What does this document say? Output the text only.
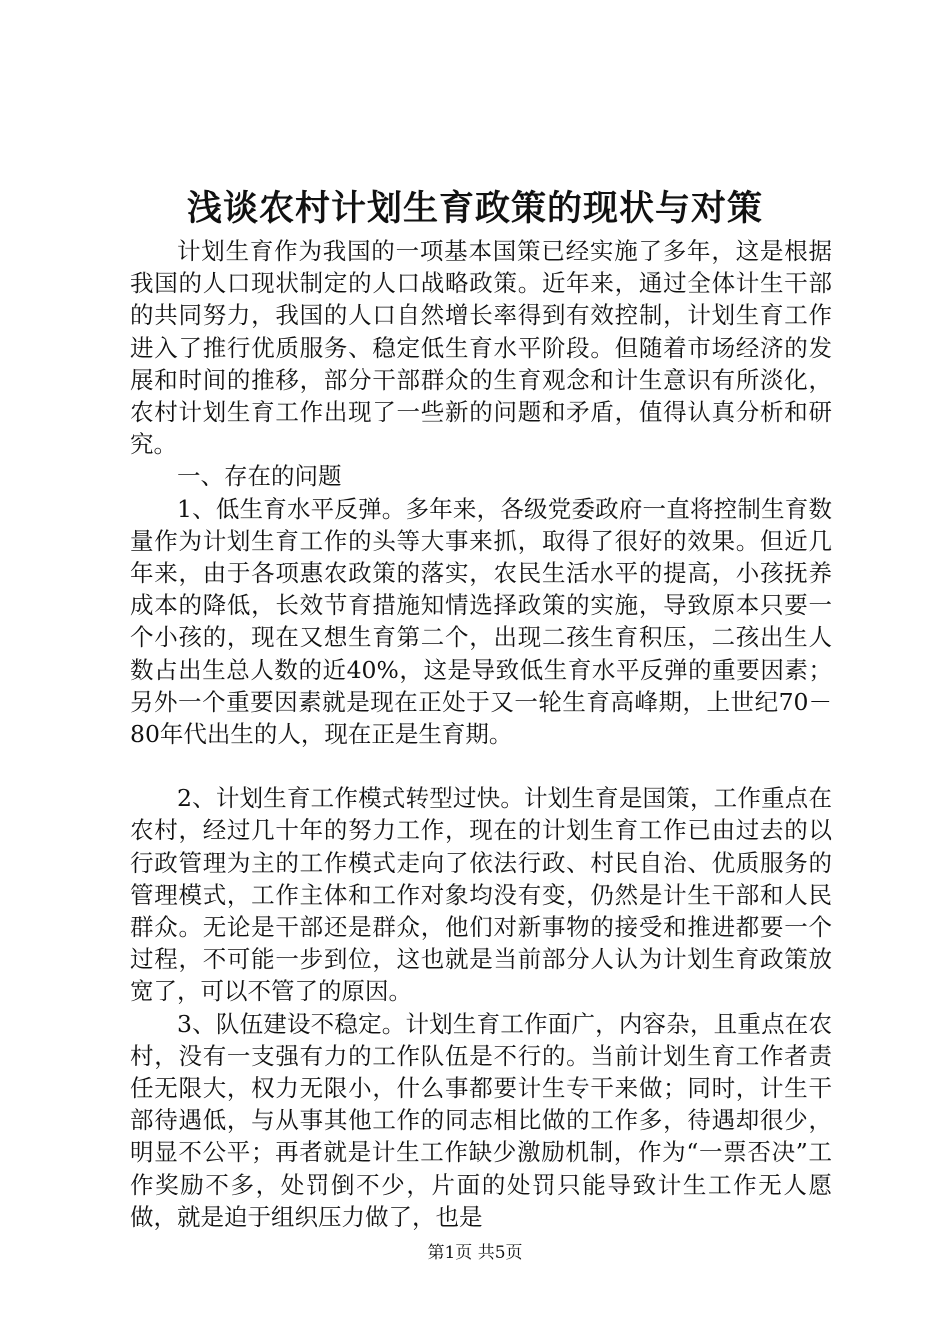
浅谈农村计划生育政策的现状与对策

计划生育作为我国的一项基本国策已经实施了多年，这是根据我国的人口现状制定的人口战略政策。近年来，通过全体计生干部的共同努力，我国的人口自然增长率得到有效控制，计划生育工作进入了推行优质服务、稳定低生育水平阶段。但随着市场经济的发展和时间的推移，部分干部群众的生育观念和计生意识有所淡化，农村计划生育工作出现了一些新的问题和矛盾，值得认真分析和研究。

一、存在的问题

1、低生育水平反弹。多年来，各级党委政府一直将控制生育数量作为计划生育工作的头等大事来抓，取得了很好的效果。但近几年来，由于各项惠农政策的落实，农民生活水平的提高，小孩抚养成本的降低，长效节育措施知情选择政策的实施，导致原本只要一个小孩的，现在又想生育第二个，出现二孩生育积压，二孩出生人数占出生总人数的近40%，这是导致低生育水平反弹的重要因素；另外一个重要因素就是现在正处于又一轮生育高峰期，上世纪70－80年代出生的人，现在正是生育期。

2、计划生育工作模式转型过快。计划生育是国策，工作重点在农村，经过几十年的努力工作，现在的计划生育工作已由过去的以行政管理为主的工作模式走向了依法行政、村民自治、优质服务的管理模式，工作主体和工作对象均没有变，仍然是计生干部和人民群众。无论是干部还是群众，他们对新事物的接受和推进都要一个过程，不可能一步到位，这也就是当前部分人认为计划生育政策放宽了，可以不管了的原因。

3、队伍建设不稳定。计划生育工作面广，内容杂，且重点在农村，没有一支强有力的工作队伍是不行的。当前计划生育工作者责任无限大，权力无限小，什么事都要计生专干来做；同时，计生干部待遇低，与从事其他工作的同志相比做的工作多，待遇却很少，明显不公平；再者就是计生工作缺少激励机制，作为“一票否决”工作奖励不多，处罚倒不少，片面的处罚只能导致计生工作无人愿做，就是迫于组织压力做了，也是

第1页 共5页
